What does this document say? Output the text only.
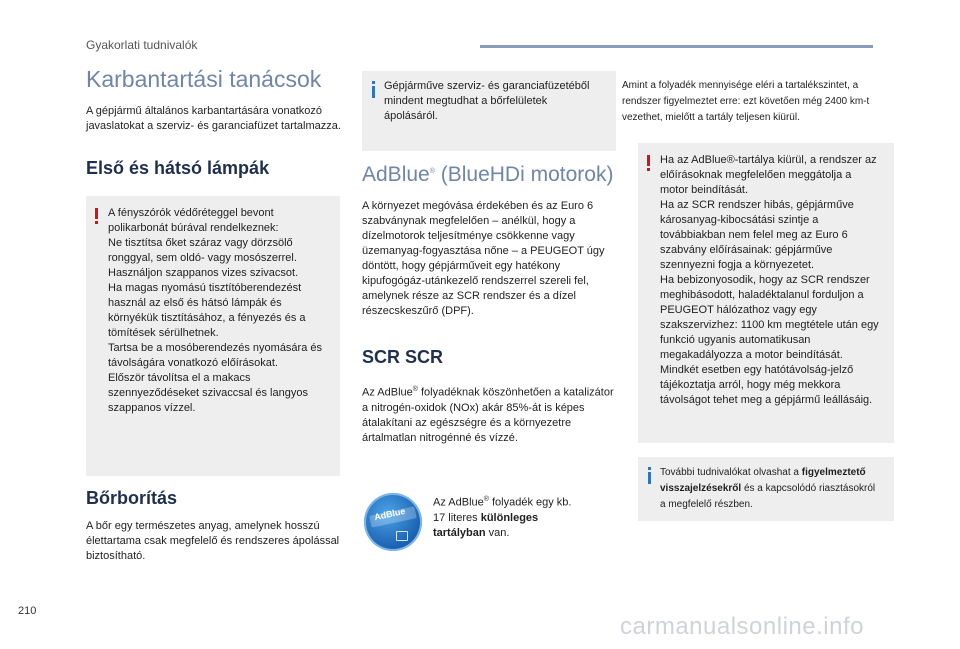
Gyakorlati tudnivalók
Karbantartási tanácsok

A gépjármű általános karbantartására vonatkozó javaslatokat a szerviz- és garanciafüzet tartalmazza.

Első és hátsó lámpák
A fényszórók védőréteggel bevont polikarbonát búrával rendelkeznek:
Ne tisztítsa őket száraz vagy dörzsölő ronggyal, sem oldó- vagy mosószerrel.
Használjon szappanos vizes szivacsot.
Ha magas nyomású tisztítóberendezést használ az első és hátsó lámpák és környékük tisztításához, a fényezés és a tömítések sérülhetnek.
Tartsa be a mosóberendezés nyomására és távolságára vonatkozó előírásokat.
Először távolítsa el a makacs szennyeződéseket szivaccsal és langyos szappanos vízzel.
Bőrborítás

A bőr egy természetes anyag, amelynek hosszú élettartama csak megfelelő és rendszeres ápolással biztosítható.

Gépjárműve szerviz- és garanciafüzetéből mindent megtudhat a bőrfelületek ápolásáról.
AdBlue® (BlueHDi motorok)

A környezet megóvása érdekében és az Euro 6 szabványnak megfelelően – anélkül, hogy a dízelmotorok teljesítménye csökkenne vagy üzemanyag-fogyasztása nőne – a PEUGEOT úgy döntött, hogy gépjárműveit egy hatékony kipufogógáz-utánkezelő rendszerrel szereli fel, amelynek része az SCR rendszer és a dízel részecskeszűrő (DPF).

SCR SCR

Az AdBlue® folyadéknak köszönhetően a katalizátor a nitrogén-oxidok (NOx) akár 85%-át is képes átalakítani az egészségre és a környezetre ártalmatlan nitrogénné és vízzé.

AdBlue

Az AdBlue® folyadék egy kb. 17 literes különleges tartályban van.

Amint a folyadék mennyisége eléri a tartalékszintet, a rendszer figyelmeztet erre: ezt követően még 2400 km-t vezethet, mielőtt a tartály teljesen kiürül.

Ha az AdBlue®-tartálya kiürül, a rendszer az előírásoknak megfelelően meggátolja a motor beindítását.
Ha az SCR rendszer hibás, gépjárműve károsanyag-kibocsátási szintje a továbbiakban nem felel meg az Euro 6 szabvány előírásainak: gépjárműve szennyezni fogja a környezetet.
Ha bebizonyosodik, hogy az SCR rendszer meghibásodott, haladéktalanul forduljon a PEUGEOT hálózathoz vagy egy szakszervizhez: 1100 km megtétele után egy funkció ugyanis automatikusan megakadályozza a motor beindítását.
Mindkét esetben egy hatótávolság-jelző tájékoztatja arról, hogy még mekkora távolságot tehet meg a gépjármű leállásáig.
További tudnivalókat olvashat a figyelmeztető visszajelzésekről és a kapcsolódó riasztásokról a megfelelő részben.
210
carmanualsonline.info
